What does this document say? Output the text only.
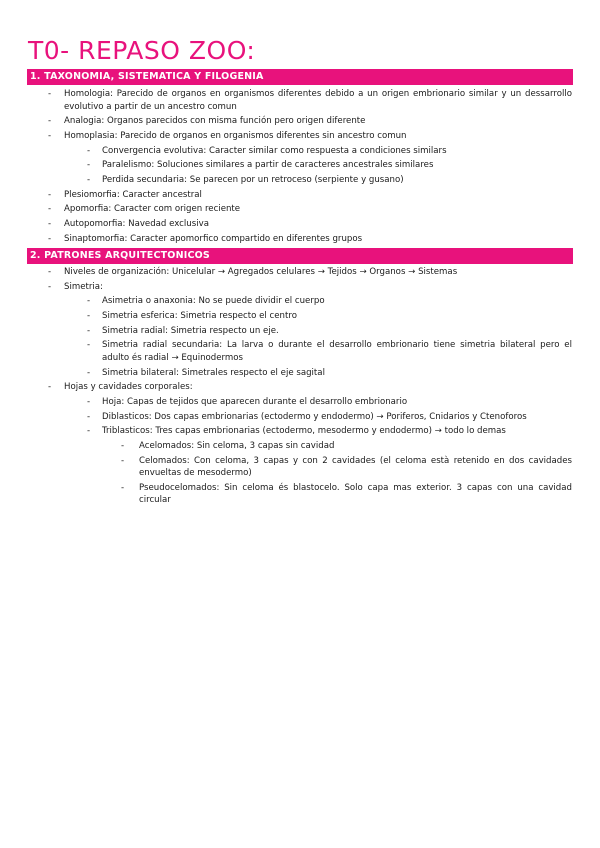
T0- REPASO ZOO:
1. TAXONOMIA, SISTEMATICA Y FILOGENIA
- Homologia: Parecido de organos en organismos diferentes debido a un origen embrionario similar y un dessarrollo evolutivo a partir de un ancestro comun
- Analogia: Organos parecidos con misma función pero origen diferente
- Homoplasia: Parecido de organos en organismos diferentes sin ancestro comun
- Convergencia evolutiva: Caracter similar como respuesta a condiciones similars
- Paralelismo: Soluciones similares a partir de caracteres ancestrales similares
- Perdida secundaria: Se parecen por un retroceso (serpiente y gusano)
- Plesiomorfia: Caracter ancestral
- Apomorfia: Caracter com origen reciente
- Autopomorfia: Navedad exclusiva
- Sinaptomorfia: Caracter apomorfico compartido en diferentes grupos
2. PATRONES ARQUITECTONICOS
- Niveles de organización: Unicelular → Agregados celulares → Tejidos → Organos → Sistemas
- Simetria:
- Asimetria o anaxonia: No se puede dividir el cuerpo
- Simetria esferica: Simetria respecto el centro
- Simetria radial: Simetria respecto un eje.
- Simetria radial secundaria: La larva o durante el desarrollo embrionario tiene simetria bilateral pero el adulto és radial → Equinodermos
- Simetria bilateral: Simetrales respecto el eje sagital
- Hojas y cavidades corporales:
- Hoja: Capas de tejidos que aparecen durante el desarrollo embrionario
- Diblasticos: Dos capas embrionarias (ectodermo y endodermo) → Poriferos, Cnidarios y Ctenoforos
- Triblasticos: Tres capas embrionarias (ectodermo, mesodermo y endodermo) → todo lo demas
- Acelomados: Sin celoma, 3 capas sin cavidad
- Celomados: Con celoma, 3 capas y con 2 cavidades (el celoma està retenido en dos cavidades envueltas de mesodermo)
- Pseudocelomados: Sin celoma és blastocelo. Solo capa mas exterior. 3 capas con una cavidad circular
